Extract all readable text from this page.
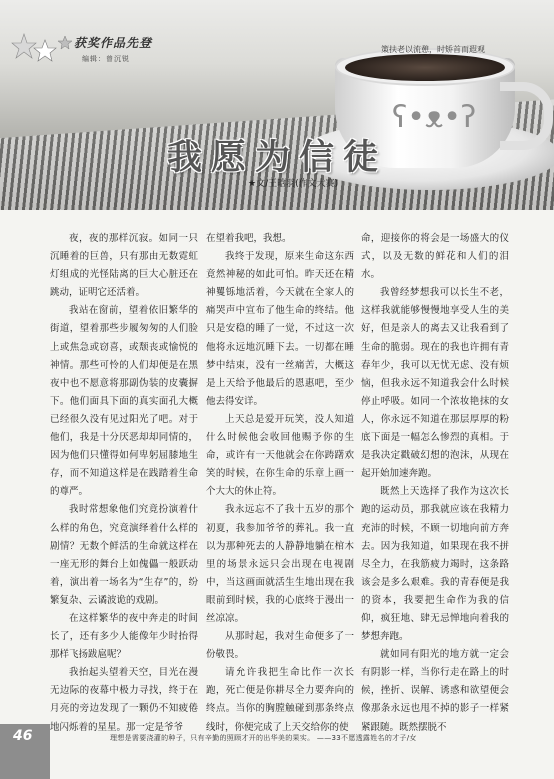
ʕ•ᴥ•ʔ
获奖作品先登
编辑：曾沉锐
策扶老以流憩，时矫首而遐观
我愿为信徒
★文/王晗羽(作文大赛)

夜，夜的那样沉寂。如同一只沉睡着的巨兽，只有那由无数霓虹灯组成的光怪陆离的巨大心脏还在跳动，证明它还活着。

我站在窗前，望着依旧繁华的街道，望着那些步履匆匆的人们脸上或焦急或窃喜，或颓丧或愉悦的神情。那些可怜的人们却便是在黑夜中也不愿意将那副伪装的皮囊摒下。他们面具下面的真实面孔大概已经很久没有见过阳光了吧。对于他们，我是十分厌恶却却同情的，因为他们只懂得如何卑躬屈膝地生存，而不知道这样是在践踏着生命的尊严。

我时常想象他们究竟扮演着什么样的角色，究竟演绎着什么样的剧情？无数个鲜活的生命就这样在一座无形的舞台上如傀儡一般跃动着，演出着一场名为“生存”的，纷繁复杂、云谲波诡的戏剧。

在这样繁华的夜中奔走的时间长了，还有多少人能像年少时抬得那样飞扬跋扈呢？

我抬起头望着天空，目光在漫无边际的夜幕中极力寻找，终于在月亮的旁边发现了一颗仍不知疲倦地闪烁着的星星。那一定是爷爷

在望着我吧，我想。

我终于发现，原来生命这东西竟然神秘的如此可怕。昨天还在精神矍铄地活着，今天就在全家人的痛哭声中宣布了他生命的终结。他只是安稳的睡了一觉，不过这一次他将永远地沉睡下去。一切都在睡梦中结束，没有一丝痛苦，大概这是上天给予他最后的恩惠吧，至少他去得安详。

上天总是爱开玩笑，没人知道什么时候他会收回他赐予你的生命，或许有一天他就会在你踌躇欢笑的时候，在你生命的乐章上画一个大大的休止符。

我永远忘不了我十五岁的那个初夏，我参加爷爷的葬礼。我一直以为那种死去的人静静地躺在棺木里的场景永远只会出现在电视剧中，当这画面就活生生地出现在我眼前到时候，我的心底终于漫出一丝凉凉。

从那时起，我对生命便多了一份敬畏。

请允许我把生命比作一次长跑，死亡便是你耕尽全力要奔向的终点。当你的胸膛触碰到那条终点线时，你便完成了上天交给你的使

命，迎接你的将会是一场盛大的仪式，以及无数的鲜花和人们的泪水。

我曾经梦想我可以长生不老，这样我就能够慢慢地享受人生的美好，但是亲人的离去又让我看到了生命的脆弱。现在的我也许拥有青春年少，我可以无忧无虑、没有烦恼，但我永远不知道我会什么时候停止呼吸。如同一个浓妆艳抹的女人，你永远不知道在那层厚厚的粉底下面是一幅怎么惨烈的真相。于是我决定戳破幻想的泡沫，从现在起开始加速奔跑。

既然上天选择了我作为这次长跑的运动员，那我就应该在我精力充沛的时候，不顾一切地向前方奔去。因为我知道，如果现在我不拼尽全力，在我筋疲力竭时，这条路该会是多么艰难。我的青春便是我的资本，我要把生命作为我的信仰，疯狂地、肆无忌惮地向着我的梦想奔跑。

就如同有阳光的地方就一定会有阴影一样，当你行走在路上的时候，挫折、误解、诱惑和欲望便会像那条永远也甩不掉的影子一样紧紧跟随。既然摆脱不

46	理想是需要浇灌的种子，只有辛勤的照顾才开的出华美的果实。 ——33不愿透露姓名的才子/女
